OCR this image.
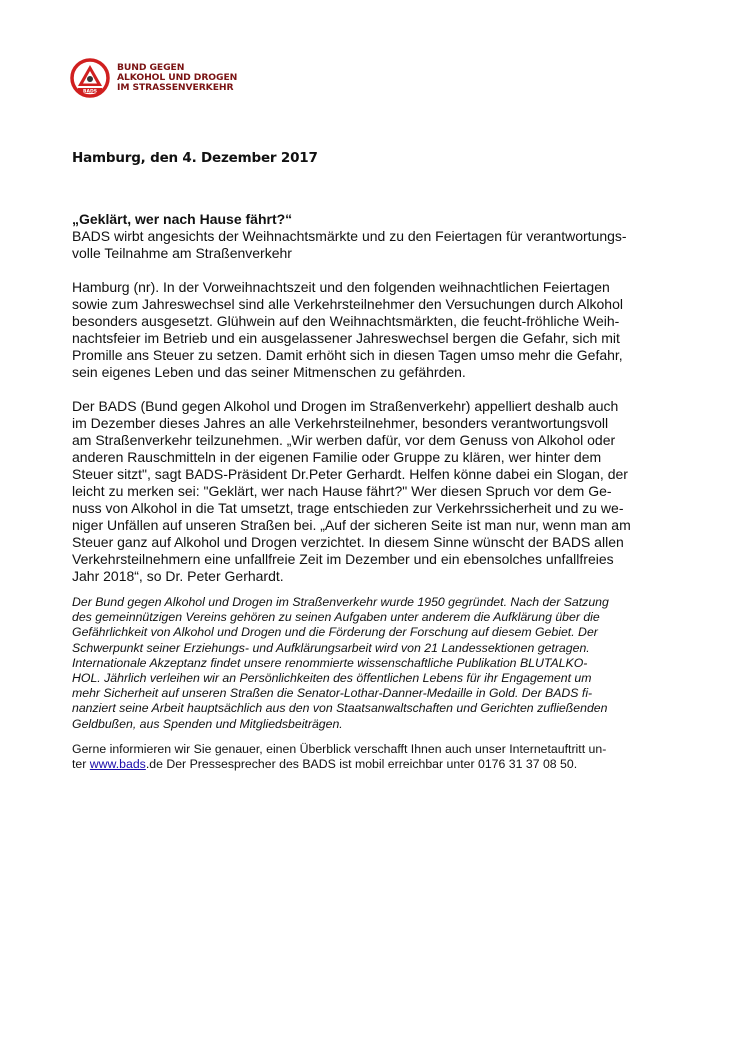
BADS
BUND GEGEN
ALKOHOL UND DROGEN
IM STRASSENVERKEHR
Hamburg, den 4. Dezember 2017

„Geklärt, wer nach Hause fährt?“

BADS wirbt angesichts der Weihnachtsmärkte und zu den Feiertagen für verantwortungs-

volle Teilnahme am Straßenverkehr

Hamburg (nr). In der Vorweihnachtszeit und den folgenden weihnachtlichen Feiertagen

sowie zum Jahreswechsel sind alle Verkehrsteilnehmer den Versuchungen durch Alkohol

besonders ausgesetzt. Glühwein auf den Weihnachtsmärkten, die feucht-fröhliche Weih-

nachtsfeier im Betrieb und ein ausgelassener Jahreswechsel bergen die Gefahr, sich mit

Promille ans Steuer zu setzen. Damit erhöht sich in diesen Tagen umso mehr die Gefahr,

sein eigenes Leben und das seiner Mitmenschen zu gefährden.

Der BADS (Bund gegen Alkohol und Drogen im Straßenverkehr) appelliert deshalb auch

im Dezember dieses Jahres an alle Verkehrsteilnehmer, besonders verantwortungsvoll

am Straßenverkehr teilzunehmen. „Wir werben dafür, vor dem Genuss von Alkohol oder

anderen Rauschmitteln in der eigenen Familie oder Gruppe zu klären, wer hinter dem

Steuer sitzt", sagt BADS-Präsident Dr.Peter Gerhardt. Helfen könne dabei ein Slogan, der

leicht zu merken sei: "Geklärt, wer nach Hause fährt?" Wer diesen Spruch vor dem Ge-

nuss von Alkohol in die Tat umsetzt, trage entschieden zur Verkehrssicherheit und zu we-

niger Unfällen auf unseren Straßen bei. „Auf der sicheren Seite ist man nur, wenn man am

Steuer ganz auf Alkohol und Drogen verzichtet. In diesem Sinne wünscht der BADS allen

Verkehrsteilnehmern eine unfallfreie Zeit im Dezember und ein ebensolches unfallfreies

Jahr 2018“, so Dr. Peter Gerhardt.

Der Bund gegen Alkohol und Drogen im Straßenverkehr wurde 1950 gegründet. Nach der Satzung

des gemeinnützigen Vereins gehören zu seinen Aufgaben unter anderem die Aufklärung über die

Gefährlichkeit von Alkohol und Drogen und die Förderung der Forschung auf diesem Gebiet. Der

Schwerpunkt seiner Erziehungs- und Aufklärungsarbeit wird von 21 Landessektionen getragen.

Internationale Akzeptanz findet unsere renommierte wissenschaftliche Publikation BLUTALKO-

HOL. Jährlich verleihen wir an Persönlichkeiten des öffentlichen Lebens für ihr Engagement um

mehr Sicherheit auf unseren Straßen die Senator-Lothar-Danner-Medaille in Gold. Der BADS fi-

nanziert seine Arbeit hauptsächlich aus den von Staatsanwaltschaften und Gerichten zufließenden

Geldbußen, aus Spenden und Mitgliedsbeiträgen.

Gerne informieren wir Sie genauer, einen Überblick verschafft Ihnen auch unser Internetauftritt un-

ter www.bads.de Der Pressesprecher des BADS ist mobil erreichbar unter 0176 31 37 08 50.
